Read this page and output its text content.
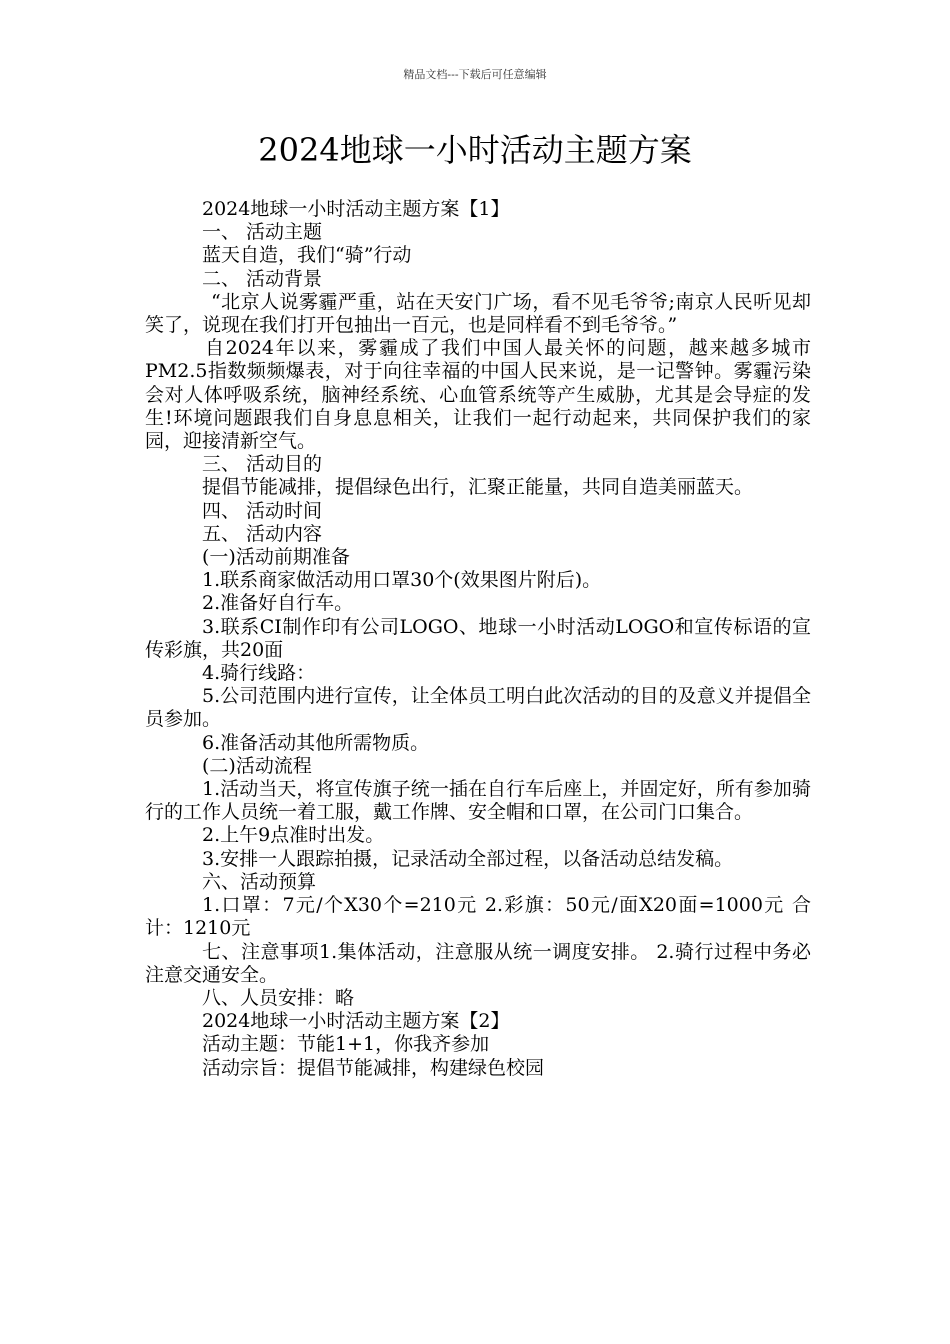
精品文档---下载后可任意编辑
2024地球一小时活动主题方案

2024地球一小时活动主题方案【1】

一、 活动主题

蓝天自造，我们“骑”行动

二、 活动背景

“北京人说雾霾严重，站在天安门广场，看不见毛爷爷;南京人民听见却笑了，说现在我们打开包抽出一百元，也是同样看不到毛爷爷。”

自2024年以来，雾霾成了我们中国人最关怀的问题，越来越多城市PM2.5指数频频爆表，对于向往幸福的中国人民来说，是一记警钟。雾霾污染会对人体呼吸系统，脑神经系统、心血管系统等产生威胁，尤其是会导症的发生!环境问题跟我们自身息息相关，让我们一起行动起来，共同保护我们的家园，迎接清新空气。

三、 活动目的

提倡节能减排，提倡绿色出行，汇聚正能量，共同自造美丽蓝天。

四、 活动时间

五、 活动内容

(一)活动前期准备

1.联系商家做活动用口罩30个(效果图片附后)。

2.准备好自行车。

3.联系CI制作印有公司LOGO、地球一小时活动LOGO和宣传标语的宣传彩旗，共20面

4.骑行线路：

5.公司范围内进行宣传，让全体员工明白此次活动的目的及意义并提倡全员参加。

6.准备活动其他所需物质。

(二)活动流程

1.活动当天，将宣传旗子统一插在自行车后座上，并固定好，所有参加骑行的工作人员统一着工服，戴工作牌、安全帽和口罩，在公司门口集合。

2.上午9点准时出发。

3.安排一人跟踪拍摄，记录活动全部过程，以备活动总结发稿。

六、活动预算

1.口罩：7元/个X30个=210元 2.彩旗：50元/面X20面=1000元 合计：1210元

七、注意事项1.集体活动，注意服从统一调度安排。 2.骑行过程中务必注意交通安全。

八、人员安排：略

2024地球一小时活动主题方案【2】

活动主题：节能1+1，你我齐参加

活动宗旨：提倡节能减排，构建绿色校园
